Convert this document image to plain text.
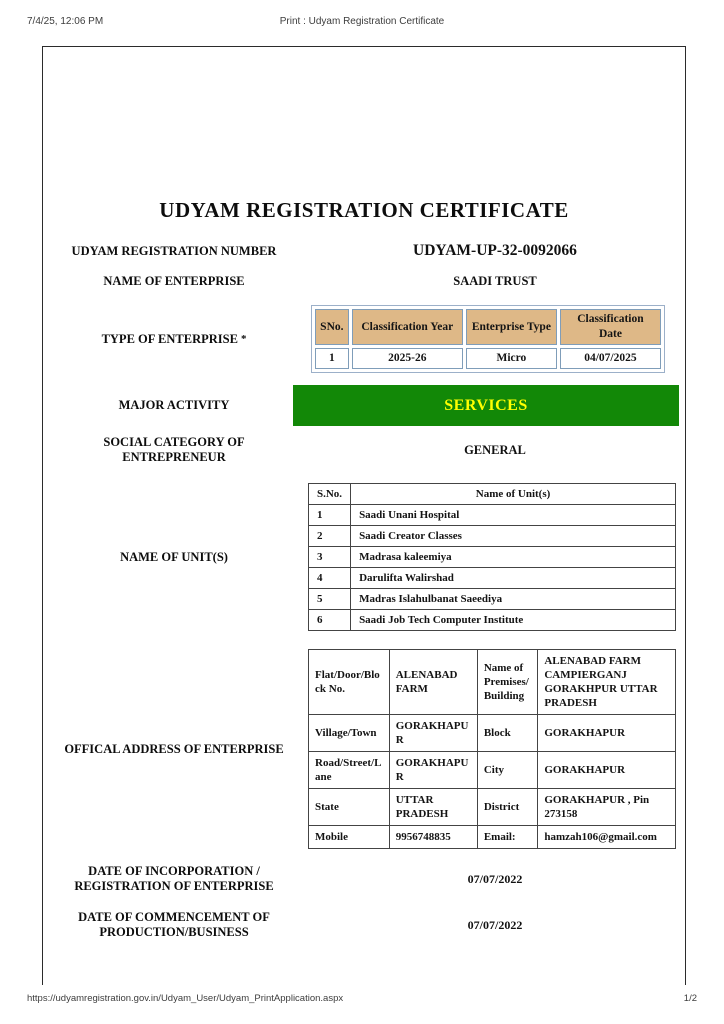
7/4/25, 12:06 PM	Print : Udyam Registration Certificate
UDYAM REGISTRATION CERTIFICATE
UDYAM REGISTRATION NUMBER	UDYAM-UP-32-0092066
NAME OF ENTERPRISE	SAADI TRUST
TYPE OF ENTERPRISE *
SNo.	Classification Year	Enterprise Type	Classification Date
1	2025-26	Micro	04/07/2025
MAJOR ACTIVITY	SERVICES
SOCIAL CATEGORY OF ENTREPRENEUR
GENERAL
NAME OF UNIT(S)
S.No.	Name of Unit(s)
1	Saadi Unani Hospital
2	Saadi Creator Classes
3	Madrasa kaleemiya
4	Darulifta Walirshad
5	Madras Islahulbanat Saeediya
6	Saadi Job Tech Computer Institute
OFFICAL ADDRESS OF ENTERPRISE
Flat/Door/Block No.	ALENABAD FARM	Name of Premises/ Building	ALENABAD FARM CAMPIERGANJ GORAKHPUR UTTAR PRADESH
Village/Town	GORAKHAPUR	Block	GORAKHAPUR
Road/Street/Lane	GORAKHAPUR	City	GORAKHAPUR
State	UTTAR PRADESH	District	GORAKHAPUR , Pin 273158
Mobile	9956748835	Email:	hamzah106@gmail.com
DATE OF INCORPORATION / REGISTRATION OF ENTERPRISE
07/07/2022
DATE OF COMMENCEMENT OF PRODUCTION/BUSINESS
07/07/2022
https://udyamregistration.gov.in/Udyam_User/Udyam_PrintApplication.aspx	1/2
